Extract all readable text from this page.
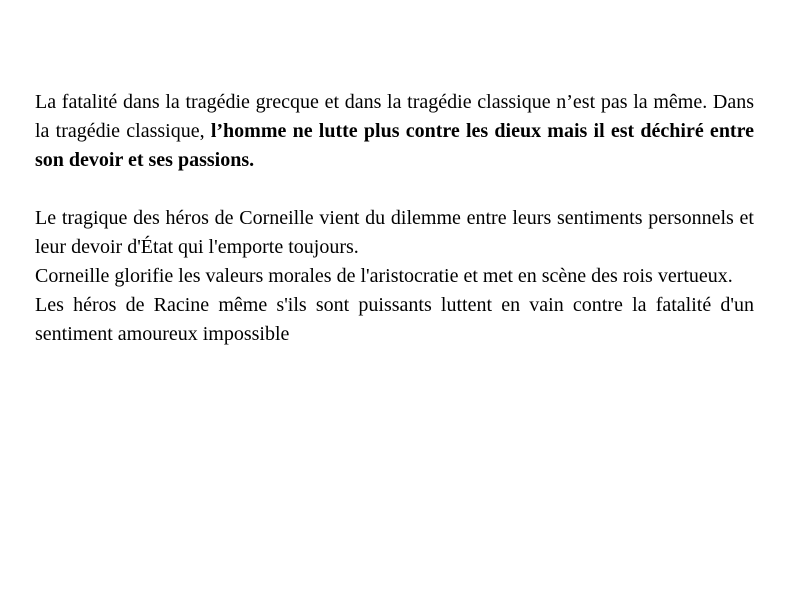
La fatalité dans la tragédie grecque et dans la tragédie classique n’est pas la même. Dans la tragédie classique, l’homme ne lutte plus contre les dieux mais il est déchiré entre son devoir et ses passions.

Le tragique des héros de Corneille vient du dilemme entre leurs sentiments personnels et leur devoir d'État qui l'emporte toujours.

Corneille glorifie les valeurs morales de l'aristocratie et met en scène des rois vertueux.

Les héros de Racine même s'ils sont puissants luttent en vain contre la fatalité d'un sentiment amoureux impossible
